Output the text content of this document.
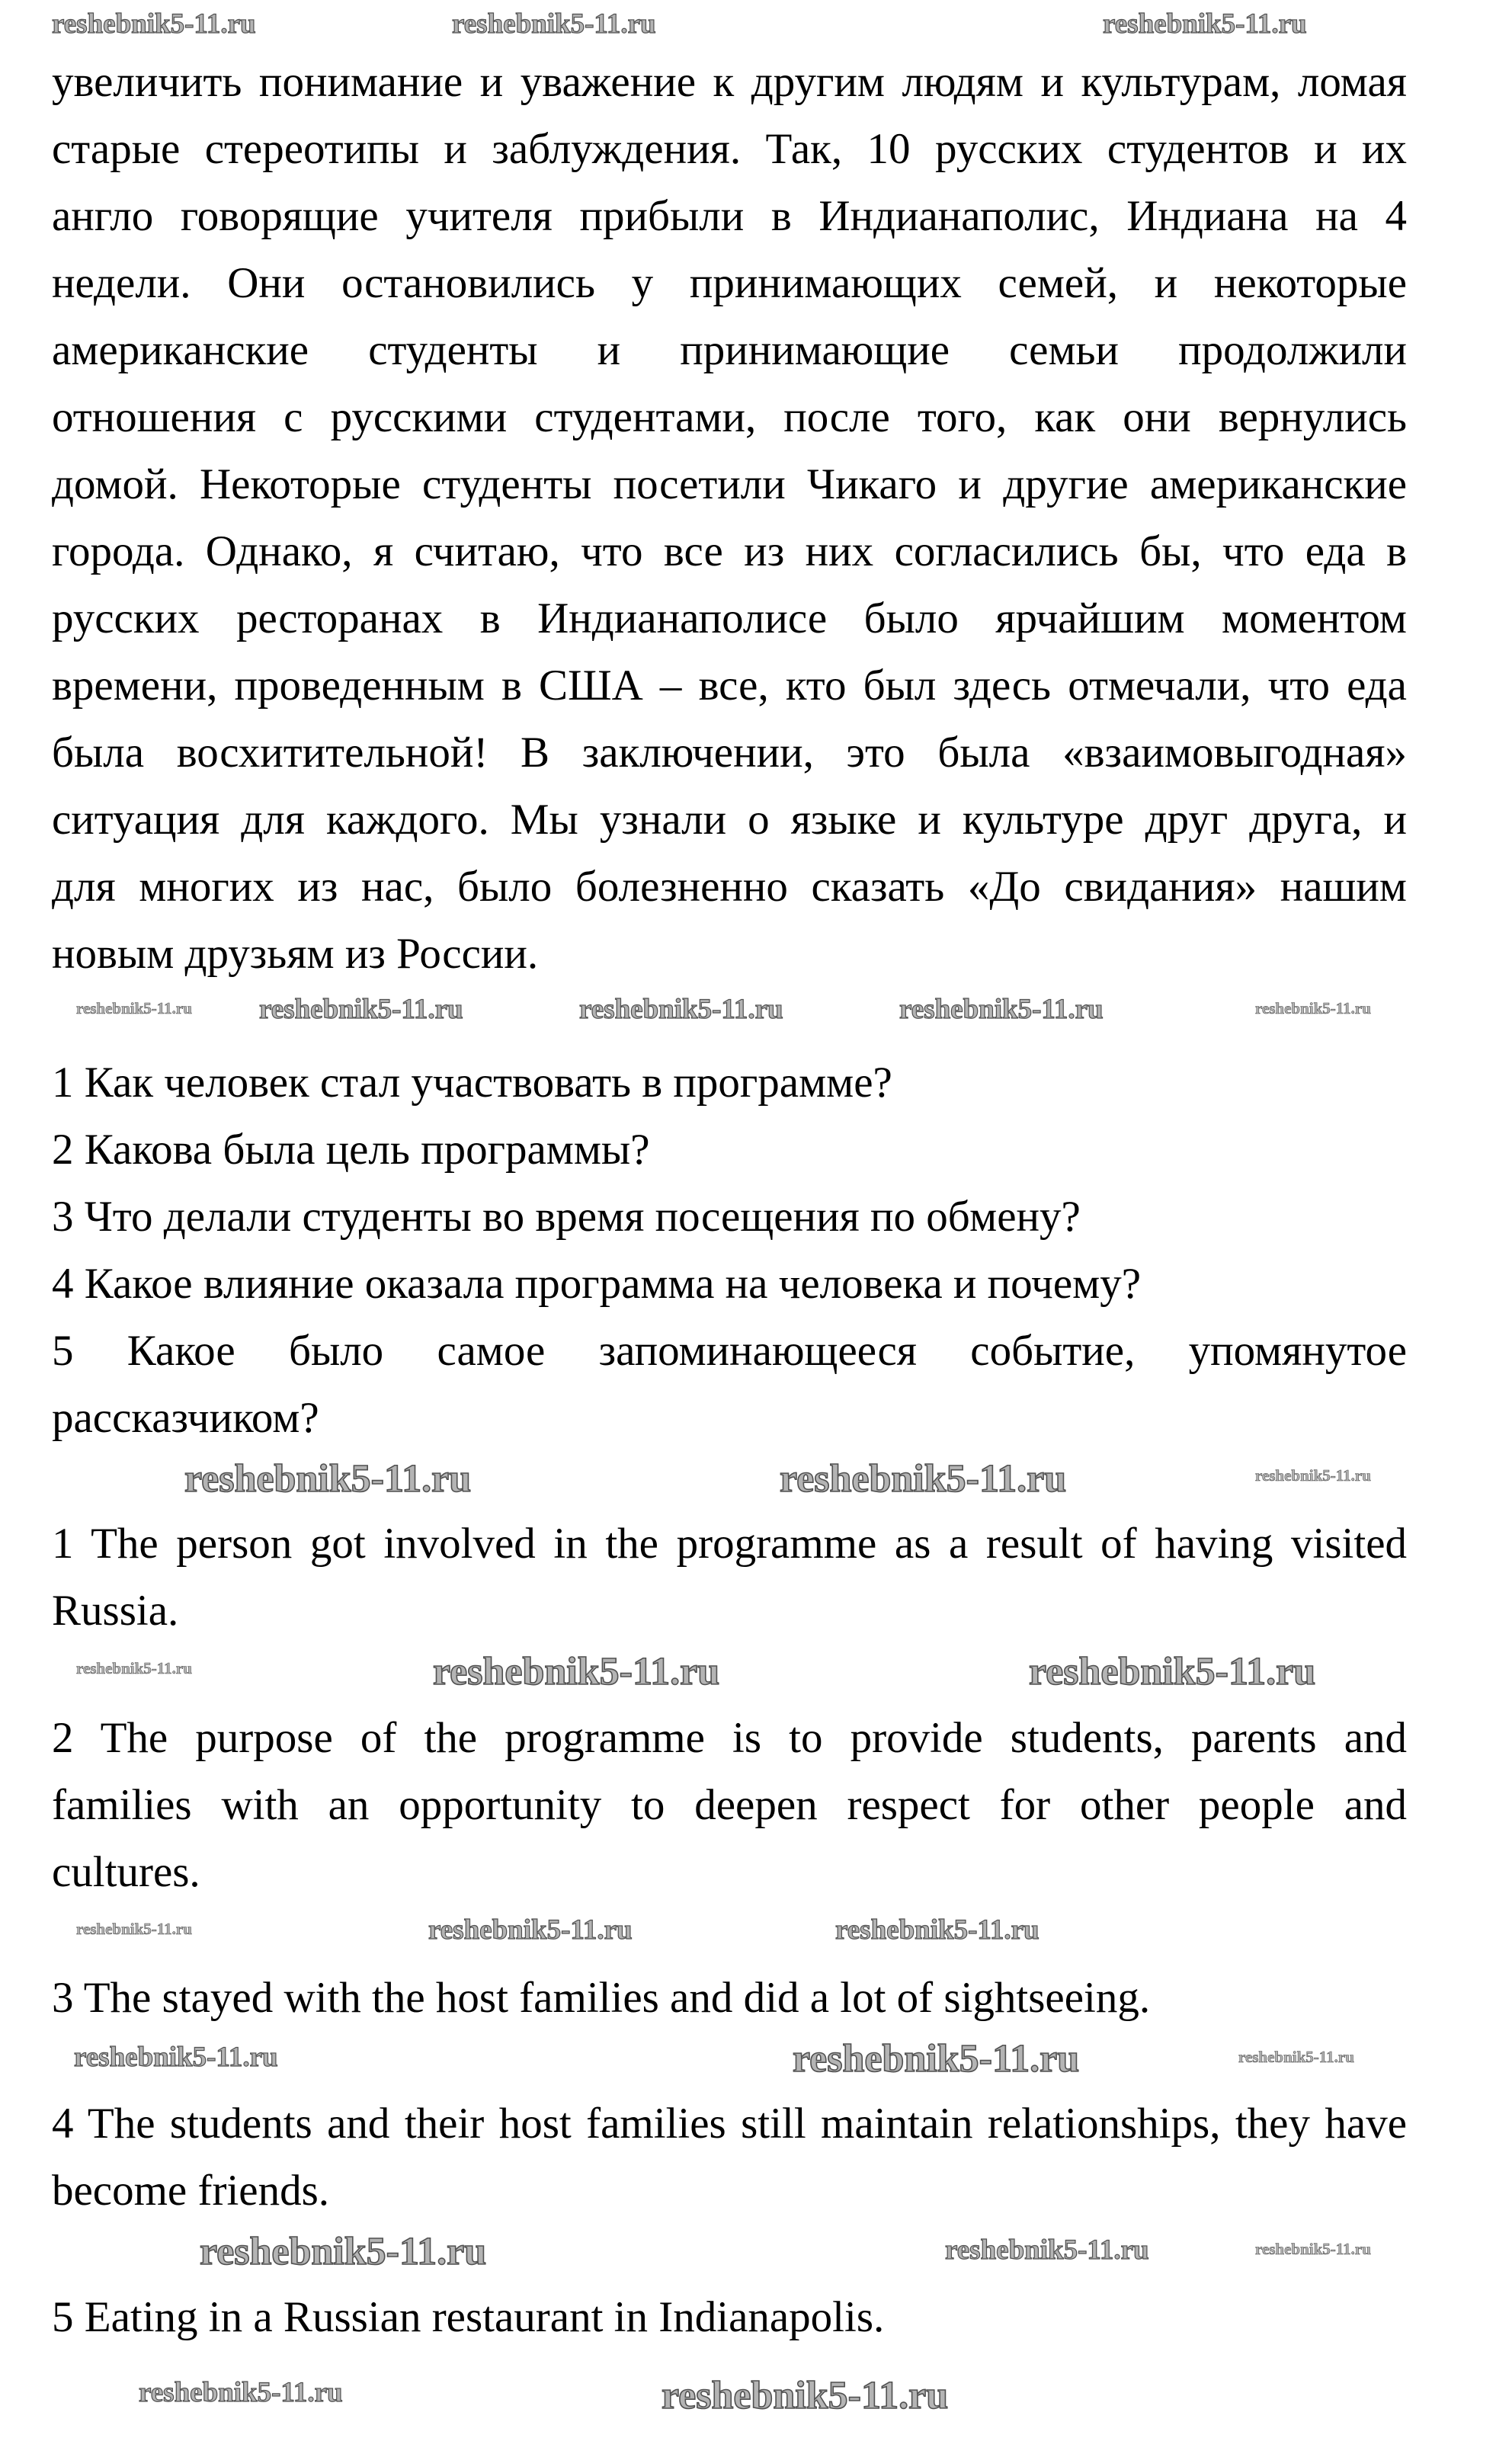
увеличить понимание и уважение к другим людям и культурам, ломая
старые стереотипы и заблуждения. Так, 10 русских студентов и их
англо говорящие учителя прибыли в Индианаполис, Индиана на 4
недели. Они остановились у принимающих семей, и некоторые
американские студенты и принимающие семьи продолжили
отношения с русскими студентами, после того, как они вернулись
домой. Некоторые студенты посетили Чикаго и другие американские
города. Однако, я считаю, что все из них согласились бы, что еда в
русских ресторанах в Индианаполисе было ярчайшим моментом
времени, проведенным в США – все, кто был здесь отмечали, что еда
была восхитительной! В заключении, это была «взаимовыгодная»
ситуация для каждого. Мы узнали о языке и культуре друг друга, и
для многих из нас, было болезненно сказать «До свидания» нашим
новым друзьям из России.
1 Как человек стал участвовать в программе?
2 Какова была цель программы?
3 Что делали студенты во время посещения по обмену?
4 Какое влияние оказала программа на человека и почему?
5 Какое было самое запоминающееся событие, упомянутое
рассказчиком?
1 The person got involved in the programme as a result of having visited
Russia.
2 The purpose of the programme is to provide students, parents and
families with an opportunity to deepen respect for other people and
cultures.
3 The stayed with the host families and did a lot of sightseeing.
4 The students and their host families still maintain relationships, they have
become friends.
5 Eating in a Russian restaurant in Indianapolis.
reshebnik5-11.ru	reshebnik5-11.ru	reshebnik5-11.ru
reshebnik5-11.ru reshebnik5-11.ru	reshebnik5-11.ru	reshebnik5-11.ru	reshebnik5-11.ru
reshebnik5-11.ru	reshebnik5-11.ru	reshebnik5-11.ru
reshebnik5-11.ru	reshebnik5-11.ru	reshebnik5-11.ru
reshebnik5-11.ru	reshebnik5-11.ru	reshebnik5-11.ru
reshebnik5-11.ru	reshebnik5-11.ru	reshebnik5-11.ru
reshebnik5-11.ru	reshebnik5-11.ru	reshebnik5-11.ru
reshebnik5-11.ru	reshebnik5-11.ru
